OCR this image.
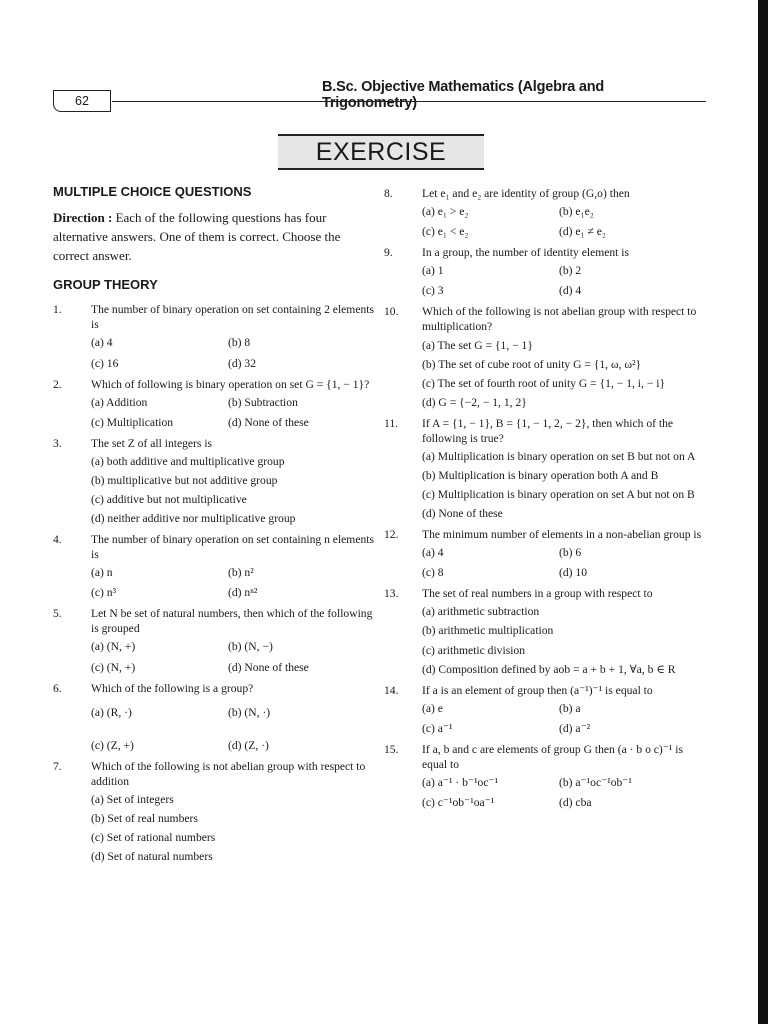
62
B.Sc. Objective Mathematics (Algebra and Trigonometry)
EXERCISE
MULTIPLE CHOICE QUESTIONS
Direction : Each of the following questions has four alternative answers. One of them is correct. Choose the correct answer.
GROUP THEORY
1.	The number of binary operation on set containing 2 elements is
(a) 4	(b) 8
(c) 16	(d) 32
2.	Which of following is binary operation on set G = {1, − 1}?
(a) Addition	(b) Subtraction
(c) Multiplication	(d) None of these
3.	The set Z of all integers is
(a) both additive and multiplicative group
(b) multiplicative but not additive group
(c) additive but not multiplicative
(d) neither additive nor multiplicative group
4.	The number of binary operation on set containing n elements is
(a) n	(b) n²
(c) n³	(d) nⁿ²
5.	Let N be set of natural numbers, then which of the following is grouped
(a) (N, +)	(b) (N, −)
(c) (N, +)	(d) None of these
6.	Which of the following is a group?
(a) (R, ·)	(b) (N, ·)
(c) (Z, +)	(d) (Z, ·)
7.	Which of the following is not abelian group with respect to addition
(a) Set of integers
(b) Set of real numbers
(c) Set of rational numbers
(d) Set of natural numbers
8.	Let e₁ and e₂ are identity of group (G,o) then
(a) e₁ > e₂	(b) e₁e₂
(c) e₁ < e₂	(d) e₁ ≠ e₂
9.	In a group, the number of identity element is
(a) 1	(b) 2
(c) 3	(d) 4
10. Which of the following is not abelian group with respect to multiplication?
(a) The set G = {1, − 1}
(b) The set of cube root of unity G = {1, ω, ω²}
(c) The set of fourth root of unity G = {1, − 1, i, − i}
(d) G = {−2, − 1, 1, 2}
11. If A = {1, − 1}, B = {1, − 1, 2, − 2}, then which of the following is true?
(a) Multiplication is binary operation on set B but not on A
(b) Multiplication is binary operation both A and B
(c) Multiplication is binary operation on set A but not on B
(d) None of these
12. The minimum number of elements in a non-abelian group is
(a) 4	(b) 6
(c) 8	(d) 10
13. The set of real numbers in a group with respect to
(a) arithmetic subtraction
(b) arithmetic multiplication
(c) arithmetic division
(d) Composition defined by aob = a + b + 1, ∀a, b ∈ R
14. If a is an element of group then (a⁻¹)⁻¹ is equal to
(a) e	(b) a
(c) a⁻¹	(d) a⁻²
15. If a, b and c are elements of group G then (a · b o c)⁻¹ is equal to
(a) a⁻¹ · b⁻¹oc⁻¹	(b) a⁻¹oc⁻¹ob⁻¹
(c) c⁻¹ob⁻¹oa⁻¹	(d) cba
